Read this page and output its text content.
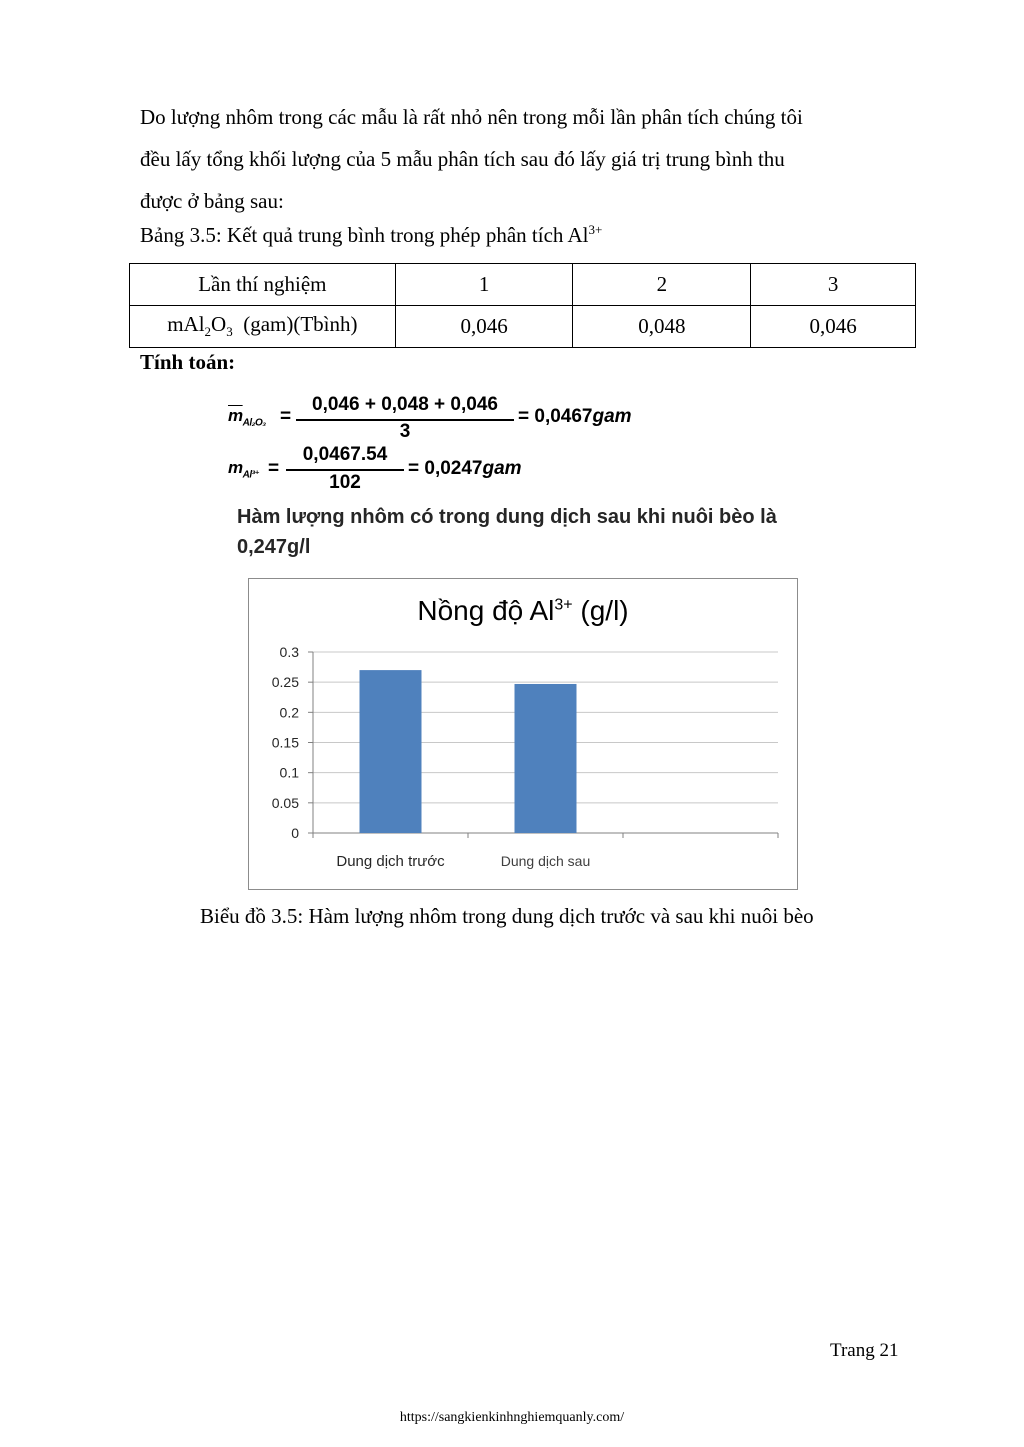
Do lượng nhôm trong các mẫu là rất nhỏ nên trong mỗi lần phân tích chúng tôi
đều lấy tổng khối lượng của 5 mẫu phân tích sau đó lấy giá trị trung bình thu
được ở bảng sau:
Bảng 3.5: Kết quả trung bình trong phép phân tích $Al^{3+}$
Lần thí nghiệm	1	2	3
$mAl_2O_3$  (gam)(Tbình)	0,046	0,048	0,046
Tính toán:
$\overline{m}_{Al_2O_3}$ =
0,046 + 0,048 + 0,046
3
= 0,0467gam
$m_{Al^{3+}}$ =
0,0467.54
102
= 0,0247gam
Hàm lượng nhôm có trong dung dịch sau khi nuôi bèo là
0,247g/l
Nồng độ $Al^{3+}$ (g/l)
0
0.05
0.1
0.15
0.2
0.25
0.3
Dung dịch trước	Dung dịch sau
Biểu đồ 3.5: Hàm lượng nhôm trong dung dịch trước và sau khi nuôi bèo
Trang 21
https://sangkienkinhnghiemquanly.com/
